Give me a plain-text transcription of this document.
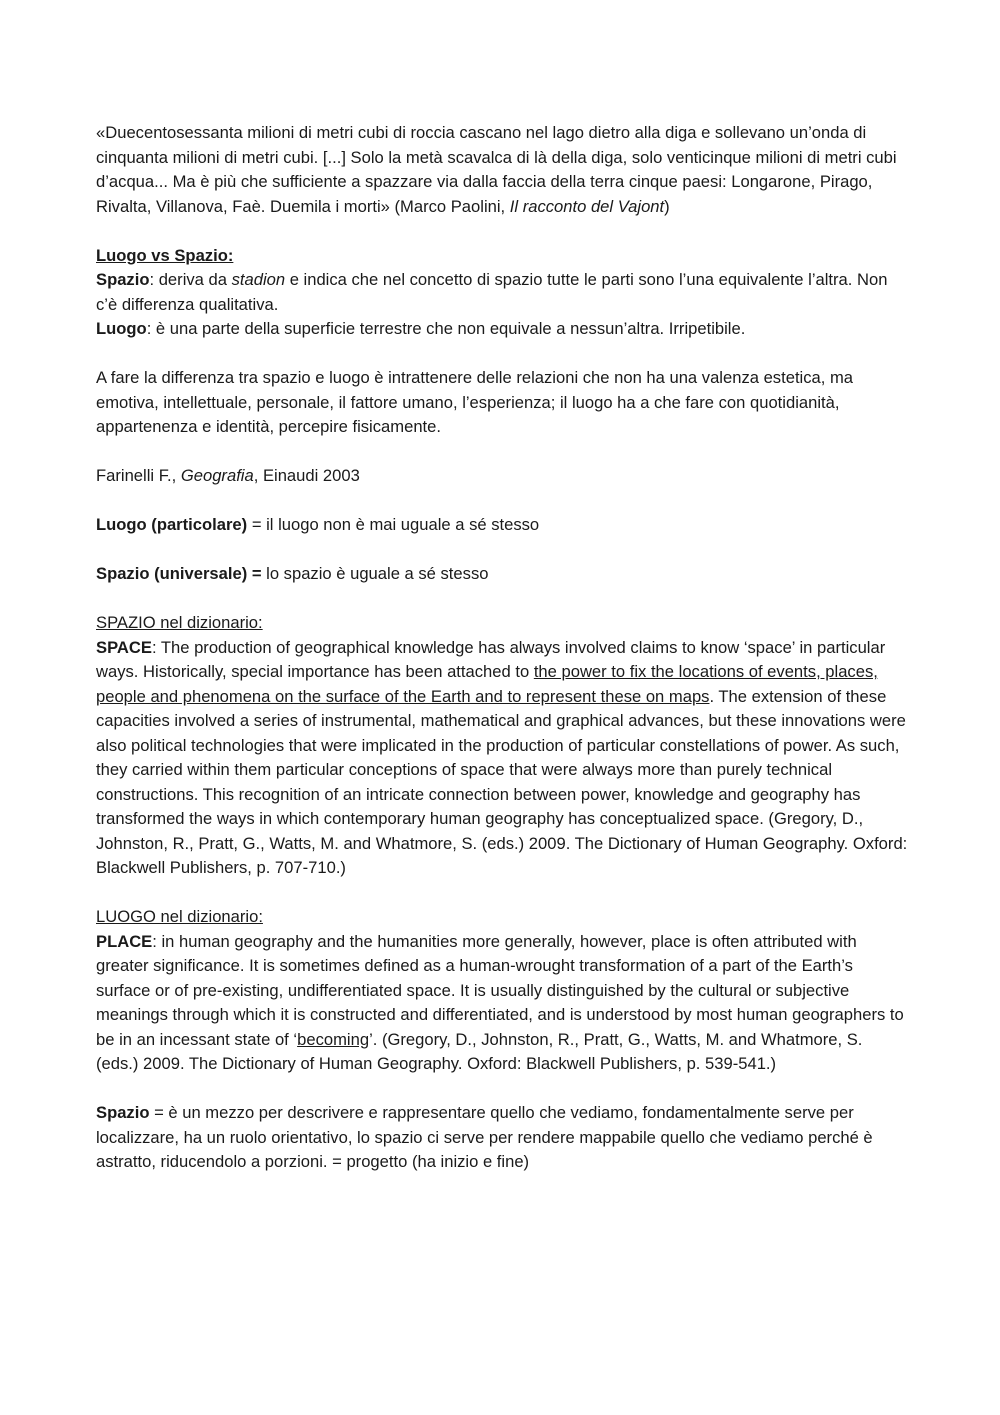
«Duecentosessanta milioni di metri cubi di roccia cascano nel lago dietro alla diga e sollevano un’onda di cinquanta milioni di metri cubi. [...] Solo la metà scavalca di là della diga, solo venticinque milioni di metri cubi d’acqua... Ma è più che sufficiente a spazzare via dalla faccia della terra cinque paesi: Longarone, Pirago, Rivalta, Villanova, Faè. Duemila i morti» (Marco Paolini, Il racconto del Vajont)

Luogo vs Spazio:

Spazio: deriva da stadion e indica che nel concetto di spazio tutte le parti sono l’una equivalente l’altra. Non c’è differenza qualitativa.

Luogo: è una parte della superficie terrestre che non equivale a nessun’altra. Irripetibile.

A fare la differenza tra spazio e luogo è intrattenere delle relazioni che non ha una valenza estetica, ma emotiva, intellettuale, personale, il fattore umano, l’esperienza; il luogo ha a che fare con quotidianità, appartenenza e identità, percepire fisicamente.

Farinelli F., Geografia, Einaudi 2003

Luogo (particolare) = il luogo non è mai uguale a sé stesso

Spazio (universale) = lo spazio è uguale a sé stesso

SPAZIO nel dizionario:

SPACE: The production of geographical knowledge has always involved claims to know ‘space’ in particular ways. Historically, special importance has been attached to the power to fix the locations of events, places, people and phenomena on the surface of the Earth and to represent these on maps. The extension of these capacities involved a series of instrumental, mathematical and graphical advances, but these innovations were also political technologies that were implicated in the production of particular constellations of power. As such, they carried within them particular conceptions of space that were always more than purely technical constructions. This recognition of an intricate connection between power, knowledge and geography has transformed the ways in which contemporary human geography has conceptualized space. (Gregory, D., Johnston, R., Pratt, G., Watts, M. and Whatmore, S. (eds.) 2009. The Dictionary of Human Geography. Oxford: Blackwell Publishers, p. 707-710.)

LUOGO nel dizionario:

PLACE: in human geography and the humanities more generally, however, place is often attributed with greater significance. It is sometimes defined as a human-wrought transformation of a part of the Earth’s surface or of pre-existing, undifferentiated space. It is usually distinguished by the cultural or subjective meanings through which it is constructed and differentiated, and is understood by most human geographers to be in an incessant state of ‘becoming’. (Gregory, D., Johnston, R., Pratt, G., Watts, M. and Whatmore, S. (eds.) 2009. The Dictionary of Human Geography. Oxford: Blackwell Publishers, p. 539-541.)

Spazio = è un mezzo per descrivere e rappresentare quello che vediamo, fondamentalmente serve per localizzare, ha un ruolo orientativo, lo spazio ci serve per rendere mappabile quello che vediamo perché è astratto, riducendolo a porzioni. = progetto (ha inizio e fine)
